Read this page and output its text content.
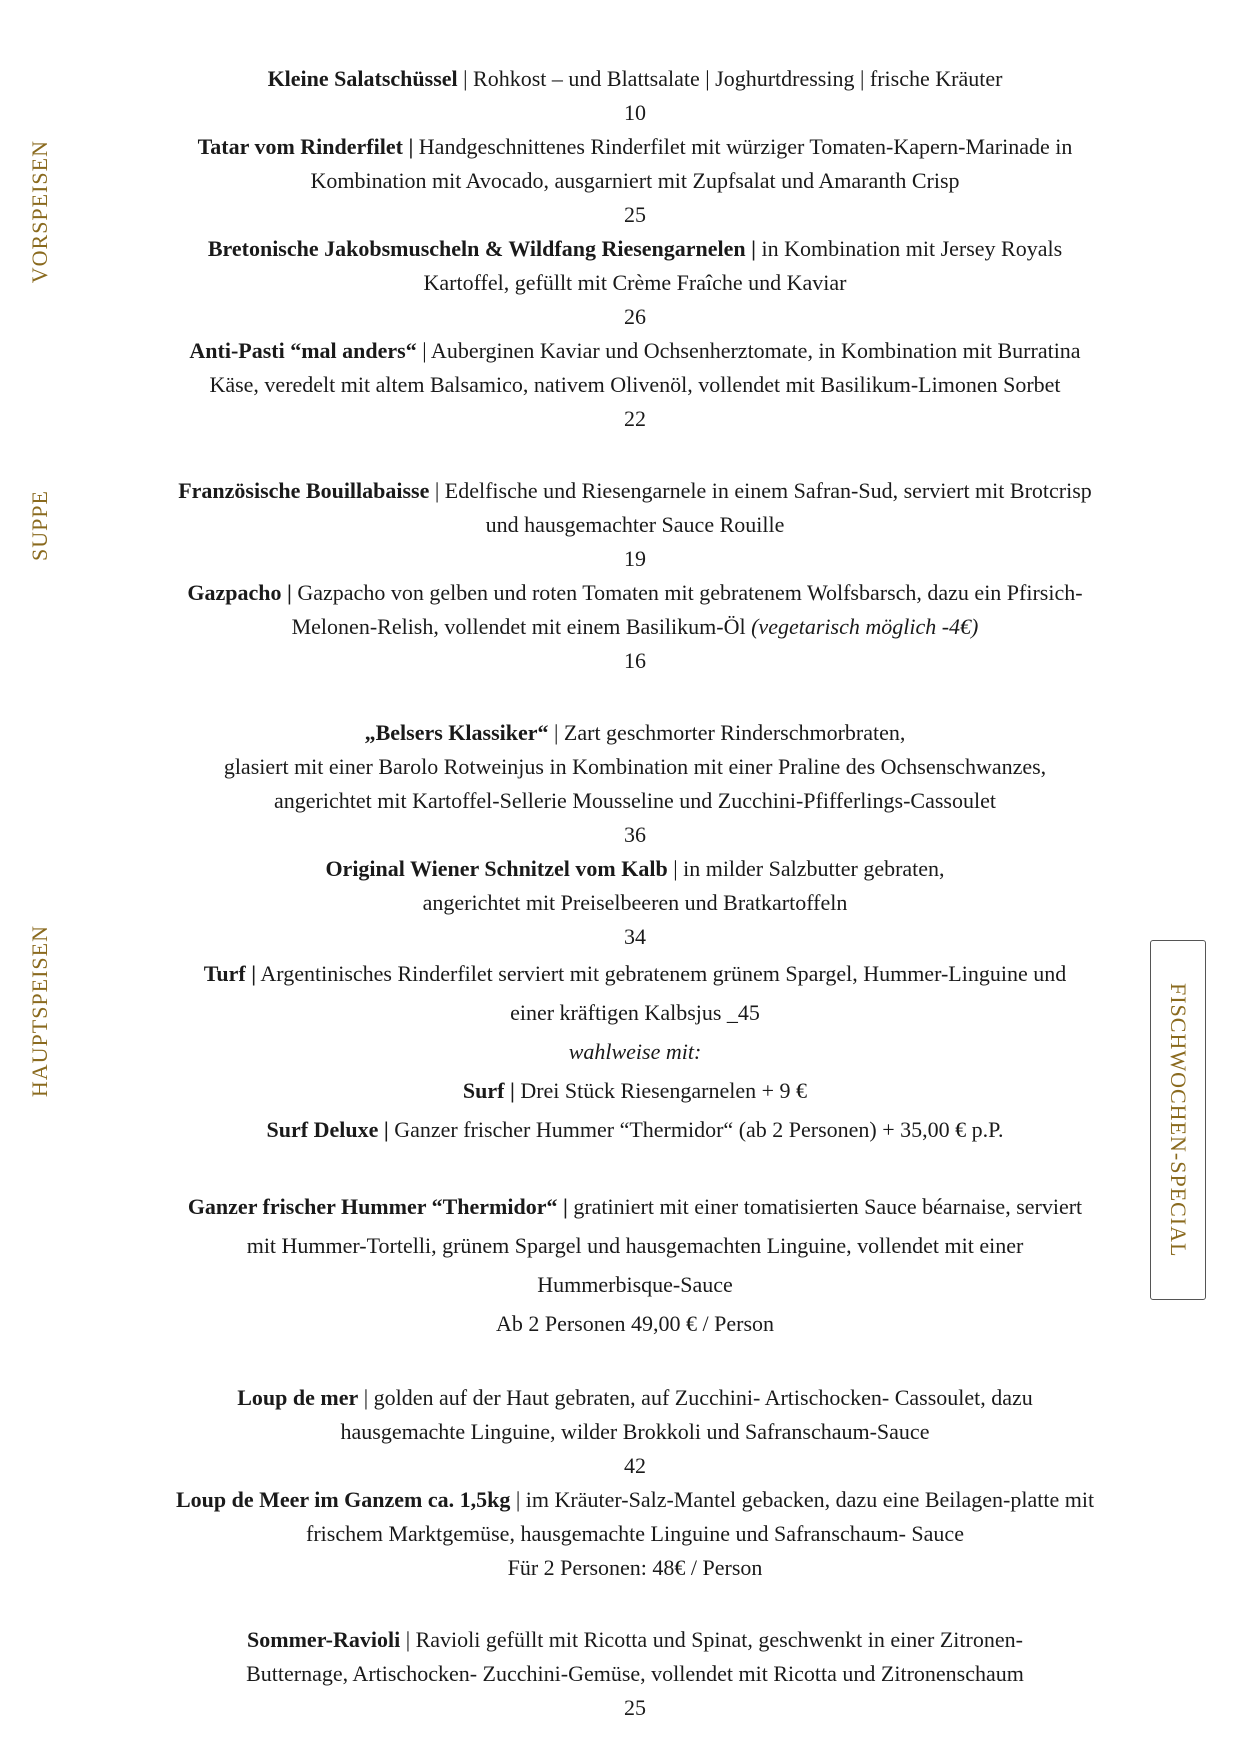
VORSPEISEN
SUPPE
HAUPTSPEISEN	FISCHWOCHEN-SPECIAL
Kleine Salatschüssel | Rohkost – und Blattsalate | Joghurtdressing | frische Kräuter
10
Tatar vom Rinderfilet | Handgeschnittenes Rinderfilet mit würziger Tomaten-Kapern-Marinade in
Kombination mit Avocado, ausgarniert mit Zupfsalat und Amaranth Crisp
25
Bretonische Jakobsmuscheln & Wildfang Riesengarnelen | in Kombination mit Jersey Royals
Kartoffel, gefüllt mit Crème Fraîche und Kaviar
26
Anti-Pasti “mal anders“ | Auberginen Kaviar und Ochsenherztomate, in Kombination mit Burratina
Käse, veredelt mit altem Balsamico, nativem Olivenöl, vollendet mit Basilikum-Limonen Sorbet
22
Französische Bouillabaisse | Edelfische und Riesengarnele in einem Safran-Sud, serviert mit Brotcrisp
und hausgemachter Sauce Rouille
19
Gazpacho | Gazpacho von gelben und roten Tomaten mit gebratenem Wolfsbarsch, dazu ein Pfirsich-
Melonen-Relish, vollendet mit einem Basilikum-Öl (vegetarisch möglich -4€)
16
„Belsers Klassiker“ | Zart geschmorter Rinderschmorbraten,
glasiert mit einer Barolo Rotweinjus in Kombination mit einer Praline des Ochsenschwanzes,
angerichtet mit Kartoffel-Sellerie Mousseline und Zucchini-Pfifferlings-Cassoulet
36
Original Wiener Schnitzel vom Kalb | in milder Salzbutter gebraten,
angerichtet mit Preiselbeeren und Bratkartoffeln
34
Turf | Argentinisches Rinderfilet serviert mit gebratenem grünem Spargel, Hummer-Linguine und
einer kräftigen Kalbsjus _45
wahlweise mit:
Surf | Drei Stück Riesengarnelen + 9 €
Surf Deluxe | Ganzer frischer Hummer “Thermidor“ (ab 2 Personen) + 35,00 € p.P.
Ganzer frischer Hummer “Thermidor“ | gratiniert mit einer tomatisierten Sauce béarnaise, serviert
mit Hummer-Tortelli, grünem Spargel und hausgemachten Linguine, vollendet mit einer
Hummerbisque-Sauce
Ab 2 Personen 49,00 € / Person
Loup de mer | golden auf der Haut gebraten, auf Zucchini- Artischocken- Cassoulet, dazu
hausgemachte Linguine, wilder Brokkoli und Safranschaum-Sauce
42
Loup de Meer im Ganzem ca. 1,5kg | im Kräuter-Salz-Mantel gebacken, dazu eine Beilagen-platte mit
frischem Marktgemüse, hausgemachte Linguine und Safranschaum- Sauce
Für 2 Personen: 48€ / Person
Sommer-Ravioli | Ravioli gefüllt mit Ricotta und Spinat, geschwenkt in einer Zitronen-
Butternage, Artischocken- Zucchini-Gemüse, vollendet mit Ricotta und Zitronenschaum
25
